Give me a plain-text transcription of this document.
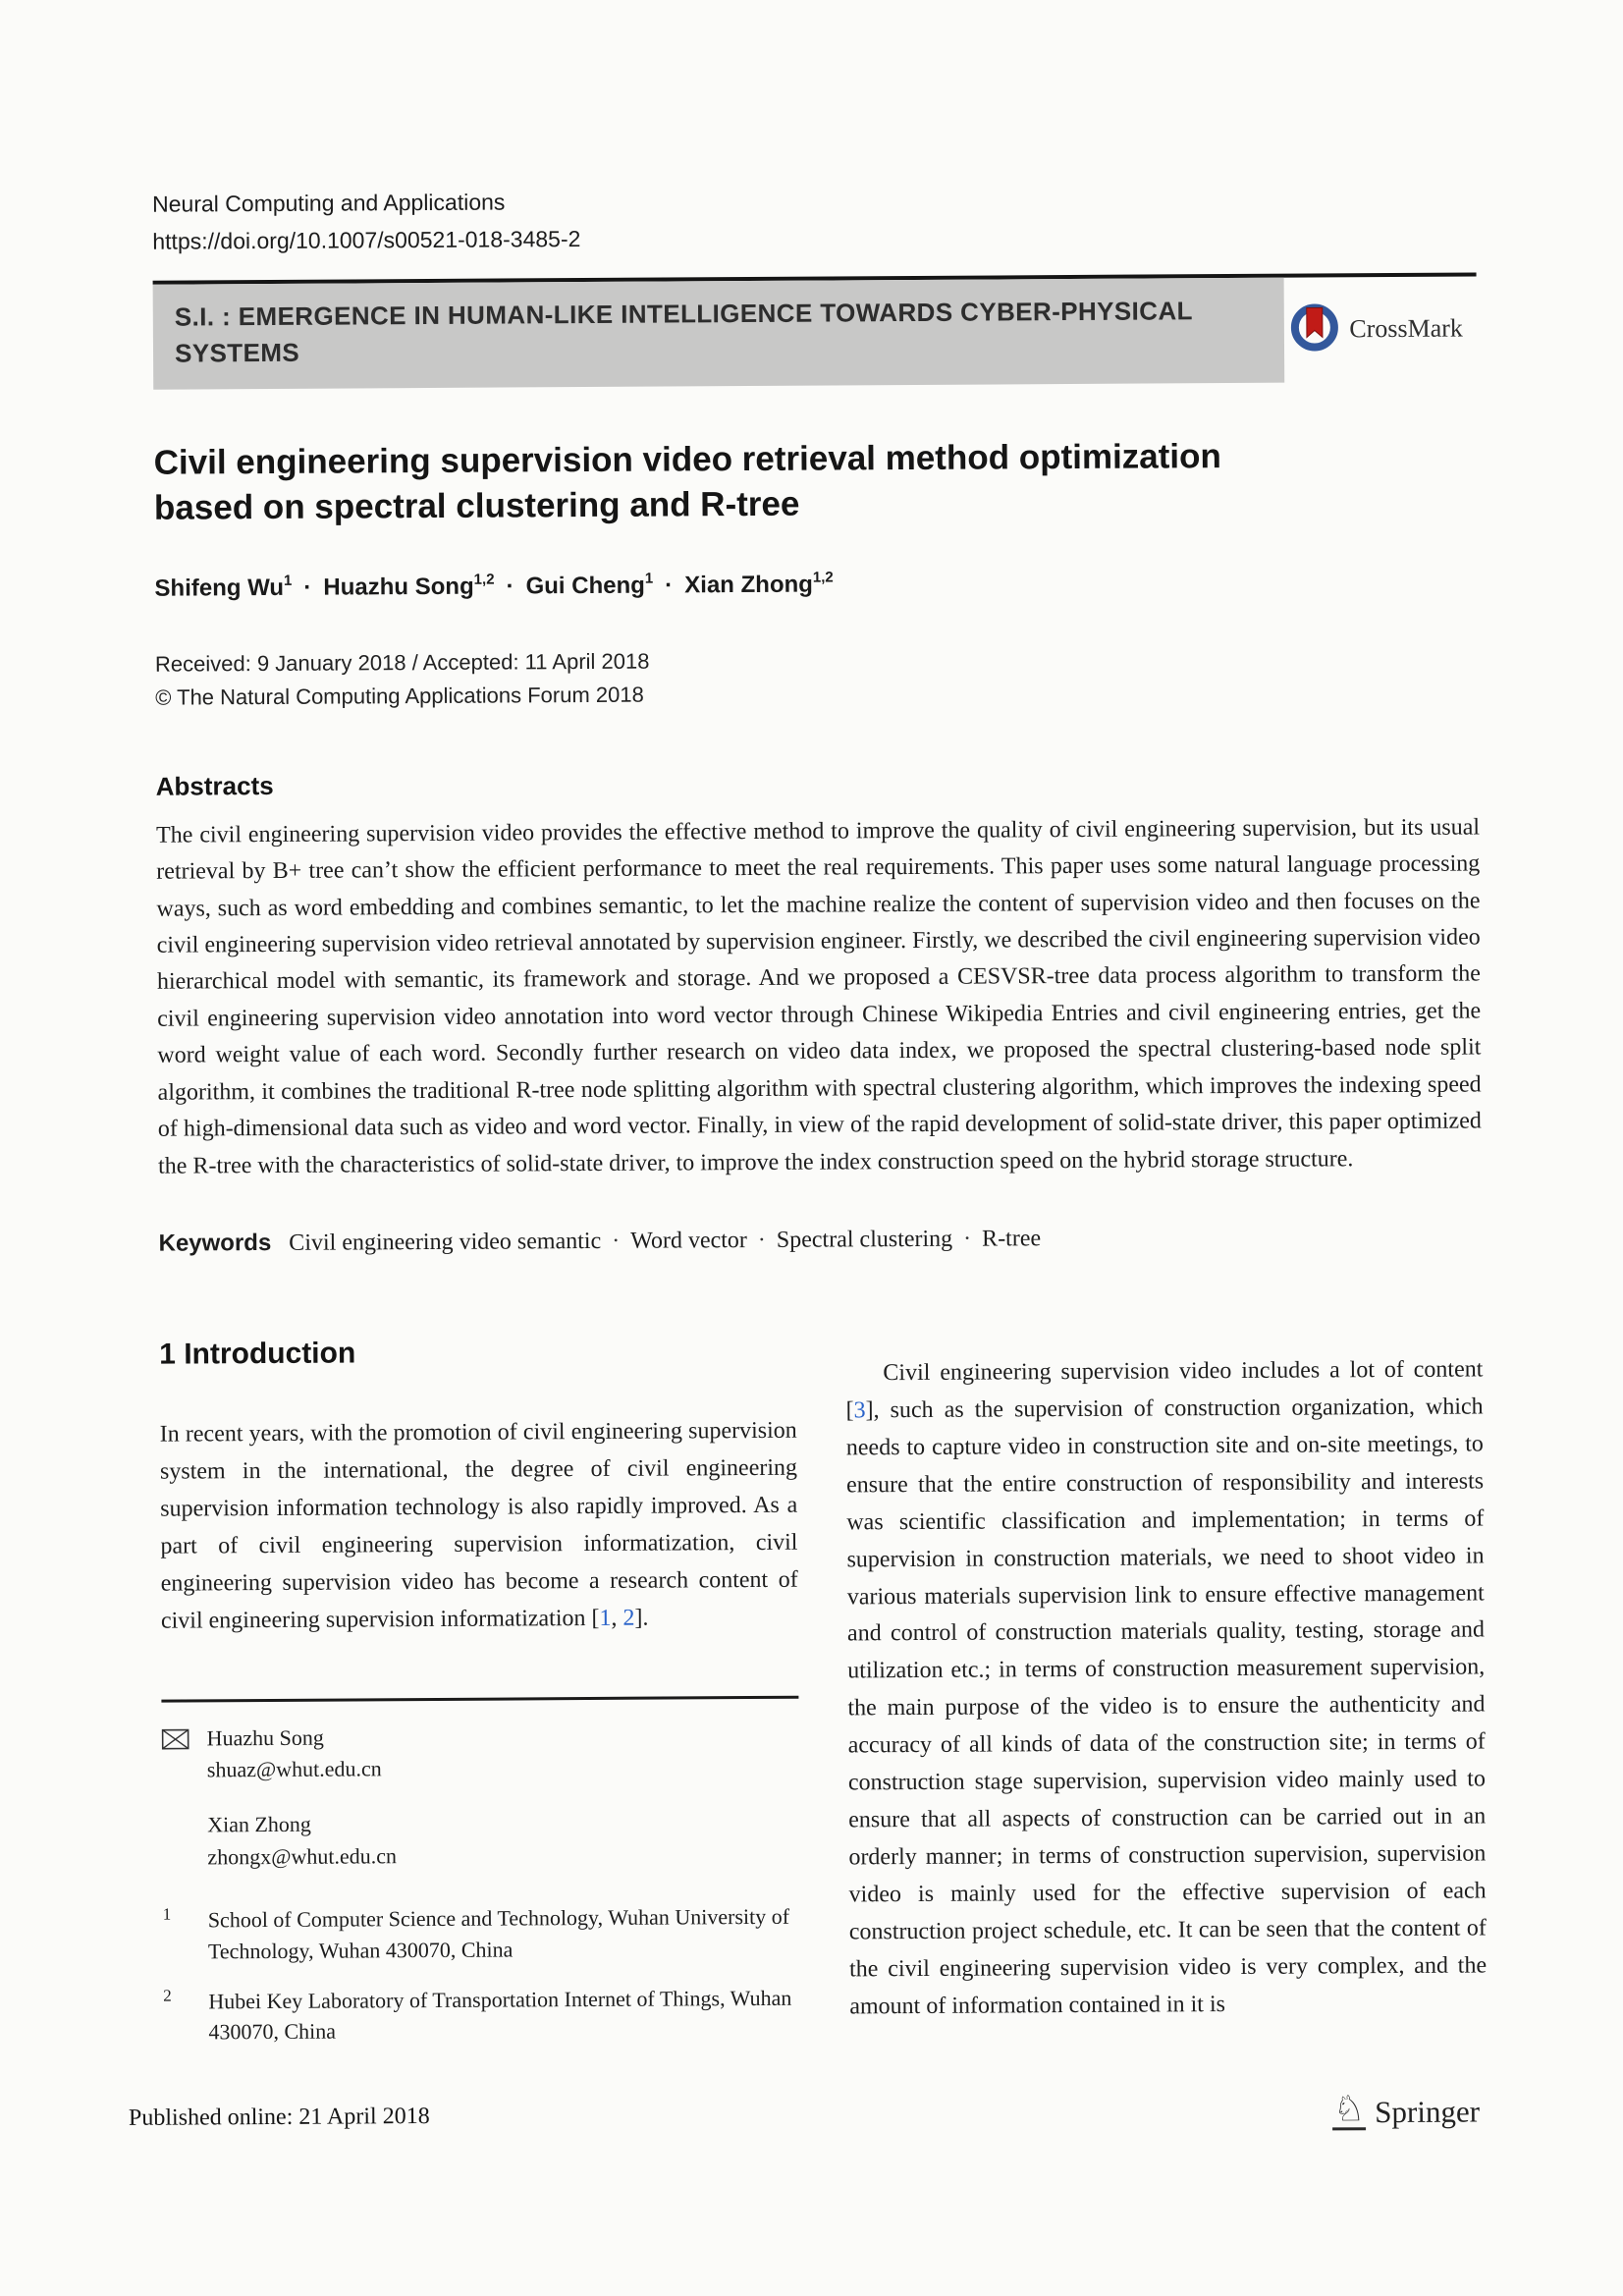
Neural Computing and Applications
https://doi.org/10.1007/s00521-018-3485-2
S.I. : EMERGENCE IN HUMAN-LIKE INTELLIGENCE TOWARDS CYBER-PHYSICAL SYSTEMS
CrossMark
Civil engineering supervision video retrieval method optimization based on spectral clustering and R-tree
Shifeng $Wu^1$ · Huazhu Song$^{1,2}$ · Gui Cheng$^1$ · Xian Zhong$^{1,2}$
Received: 9 January 2018 / Accepted: 11 April 2018
© The Natural Computing Applications Forum 2018
Abstracts
The civil engineering supervision video provides the effective method to improve the quality of civil engineering supervision, but its usual retrieval by B+ tree can’t show the efficient performance to meet the real requirements. This paper uses some natural language processing ways, such as word embedding and combines semantic, to let the machine realize the content of supervision video and then focuses on the civil engineering supervision video retrieval annotated by supervision engineer. Firstly, we described the civil engineering supervision video hierarchical model with semantic, its framework and storage. And we proposed a CESVSR-tree data process algorithm to transform the civil engineering supervision video annotation into word vector through Chinese Wikipedia Entries and civil engineering entries, get the word weight value of each word. Secondly further research on video data index, we proposed the spectral clustering-based node split algorithm, it combines the traditional R-tree node splitting algorithm with spectral clustering algorithm, which improves the indexing speed of high-dimensional data such as video and word vector. Finally, in view of the rapid development of solid-state driver, this paper optimized the R-tree with the characteristics of solid-state driver, to improve the index construction speed on the hybrid storage structure.
Keywords Civil engineering video semantic · Word vector · Spectral clustering · R-tree
1 Introduction

In recent years, with the promotion of civil engineering supervision system in the international, the degree of civil engineering supervision information technology is also rapidly improved. As a part of civil engineering supervision informatization, civil engineering supervision video has become a research content of civil engineering supervision informatization [1, 2].

Huazhu Song
shuaz@whut.edu.cn
Xian Zhong
zhongx@whut.edu.cn
1	School of Computer Science and Technology, Wuhan University of Technology, Wuhan 430070, China
2	Hubei Key Laboratory of Transportation Internet of Things, Wuhan 430070, China

Civil engineering supervision video includes a lot of content [3], such as the supervision of construction organization, which needs to capture video in construction site and on-site meetings, to ensure that the entire construction of responsibility and interests was scientific classification and implementation; in terms of supervision in construction materials, we need to shoot video in various materials supervision link to ensure effective management and control of construction materials quality, testing, storage and utilization etc.; in terms of construction measurement supervision, the main purpose of the video is to ensure the authenticity and accuracy of all kinds of data of the construction site; in terms of construction stage supervision, supervision video mainly used to ensure that all aspects of construction can be carried out in an orderly manner; in terms of construction supervision, supervision video is mainly used for the effective supervision of each construction project schedule, etc. It can be seen that the content of the civil engineering supervision video is very complex, and the amount of information contained in it is

Published online: 21 April 2018	♘ Springer
